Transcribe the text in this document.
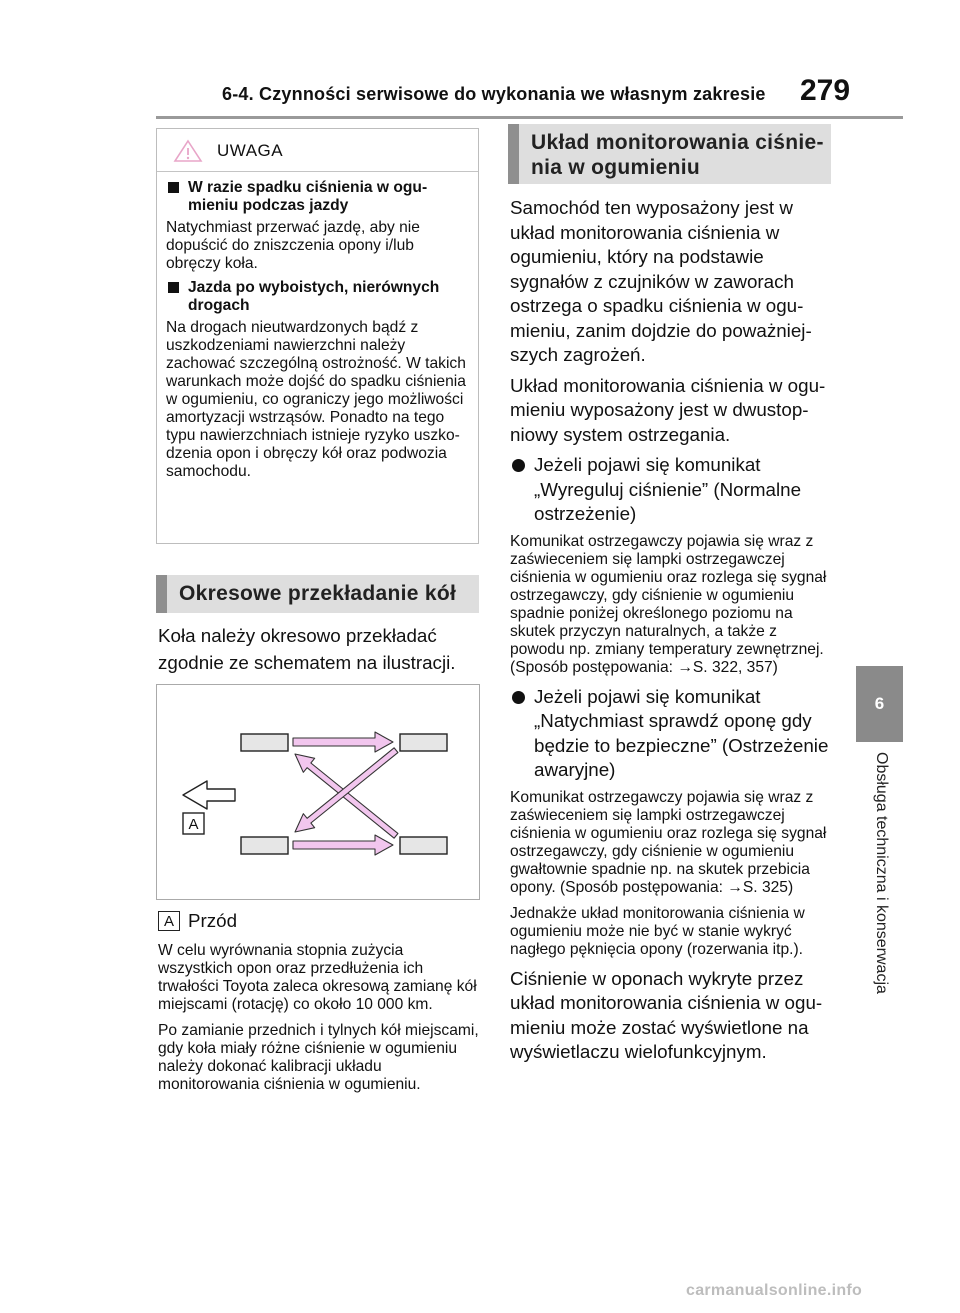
6-4. Czynności serwisowe do wykonania we własnym zakresie 279
6
Obsługa techniczna i konserwacja
UWAGA
W razie spadku ciśnienia w ogumieniu podczas jazdy
Natychmiast przerwać jazdę, aby nie dopuścić do zniszczenia opony i/lub obręczy koła.
Jazda po wyboistych, nierównych drogach
Na drogach nieutwardzonych bądź z uszkodzeniami nawierzchni należy zachować szczególną ostrożność. W takich warunkach może dojść do spadku ciśnienia w ogumieniu, co ograniczy jego możliwości amortyzacji wstrząsów. Ponadto na tego typu nawierzchniach istnieje ryzyko uszkodzenia opon i obręczy kół oraz podwozia samochodu.
Okresowe przekładanie kół
Koła należy okresowo przekładać zgodnie ze schematem na ilustracji.
A
A Przód

W celu wyrównania stopnia zużycia wszystkich opon oraz przedłużenia ich trwałości Toyota zaleca okresową zamianę kół miejscami (rotację) co około 10 000 km.

Po zamianie przednich i tylnych kół miejscami, gdy koła miały różne ciśnienie w ogumieniu należy dokonać kalibracji układu monitorowania ciśnienia w ogumieniu.

Układ monitorowania ciśnienia w ogumieniu

Samochód ten wyposażony jest w układ monitorowania ciśnienia w ogumieniu, który na podstawie sygnałów z czujników w zaworach ostrzega o spadku ciśnienia w ogumieniu, zanim dojdzie do poważniejszych zagrożeń.

Układ monitorowania ciśnienia w ogumieniu wyposażony jest w dwustopniowy system ostrzegania.

Jeżeli pojawi się komunikat „Wyreguluj ciśnienie” (Normalne ostrzeżenie)

Komunikat ostrzegawczy pojawia się wraz z zaświeceniem się lampki ostrzegawczej ciśnienia w ogumieniu oraz rozlega się sygnał ostrzegawczy, gdy ciśnienie w ogumieniu spadnie poniżej określonego poziomu na skutek przyczyn naturalnych, a także z powodu np. zmiany temperatury zewnętrznej. (Sposób postępowania: →S. 322, 357)

Jeżeli pojawi się komunikat „Natychmiast sprawdź oponę gdy będzie to bezpieczne” (Ostrzeżenie awaryjne)

Komunikat ostrzegawczy pojawia się wraz z zaświeceniem się lampki ostrzegawczej ciśnienia w ogumieniu oraz rozlega się sygnał ostrzegawczy, gdy ciśnienie w ogumieniu gwałtownie spadnie np. na skutek przebicia opony. (Sposób postępowania: →S. 325)

Jednakże układ monitorowania ciśnienia w ogumieniu może nie być w stanie wykryć nagłego pęknięcia opony (rozerwania itp.).

Ciśnienie w oponach wykryte przez układ monitorowania ciśnienia w ogumieniu może zostać wyświetlone na wyświetlaczu wielofunkcyjnym.

carmanualsonline.info
